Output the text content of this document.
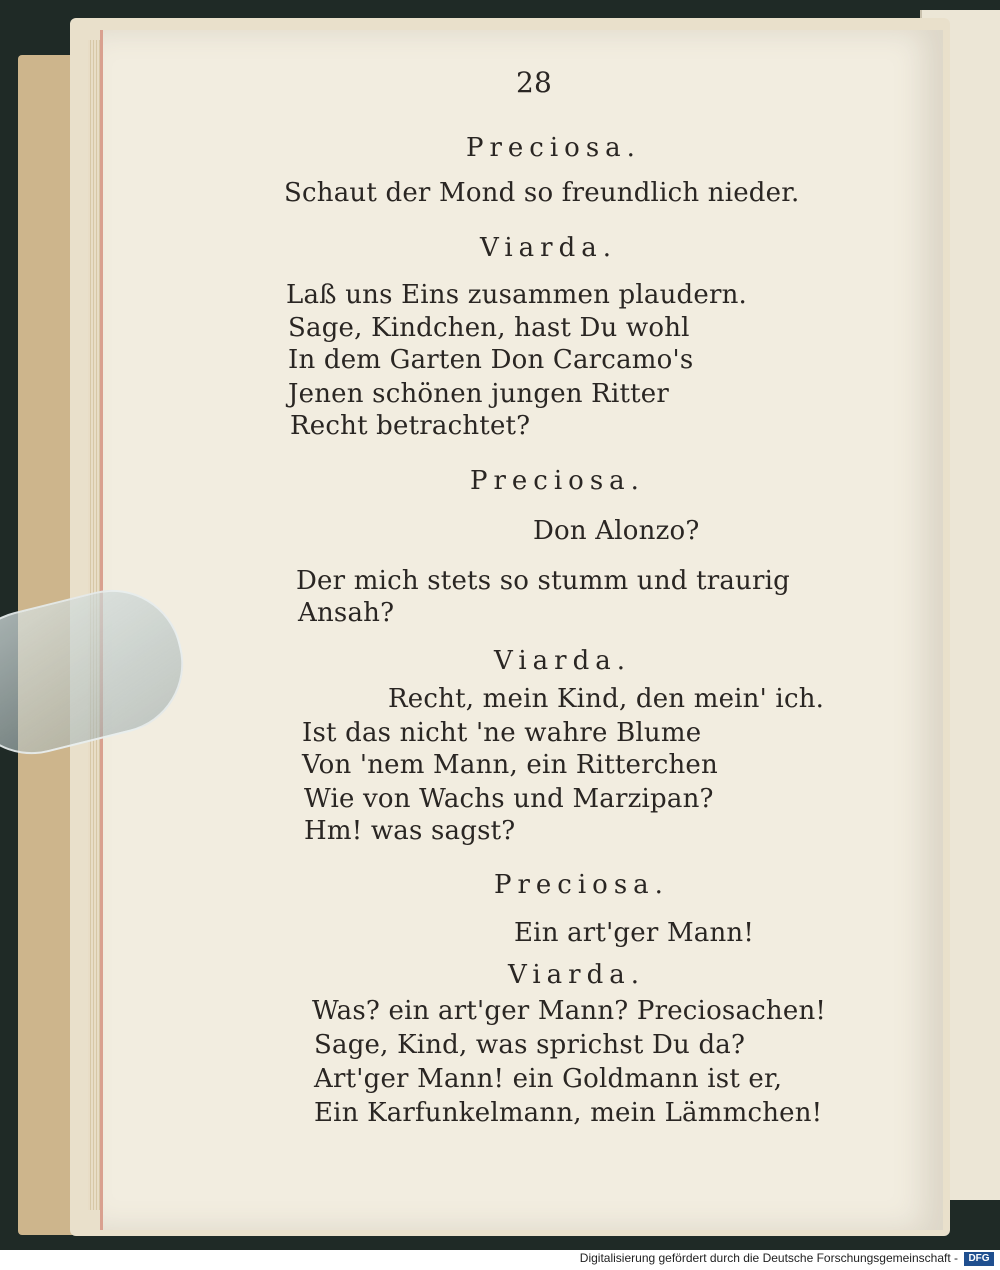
28
Preciosa.
Schaut der Mond so freundlich nieder.
Viarda.
Laß uns Eins zusammen plaudern.
Sage, Kindchen, hast Du wohl
In dem Garten Don Carcamo's
Jenen schönen jungen Ritter
Recht betrachtet?
Preciosa.
Don Alonzo?
Der mich stets so stumm und traurig
Ansah?
Viarda.
Recht, mein Kind, den mein' ich.
Ist das nicht 'ne wahre Blume
Von 'nem Mann, ein Ritterchen
Wie von Wachs und Marzipan?
Hm! was sagst?
Preciosa.
Ein art'ger Mann!
Viarda.
Was? ein art'ger Mann? Preciosachen!
Sage, Kind, was sprichst Du da?
Art'ger Mann! ein Goldmann ist er,
Ein Karfunkelmann, mein Lämmchen!
Digitalisierung gefördert durch die Deutsche Forschungsgemeinschaft -	DFG
